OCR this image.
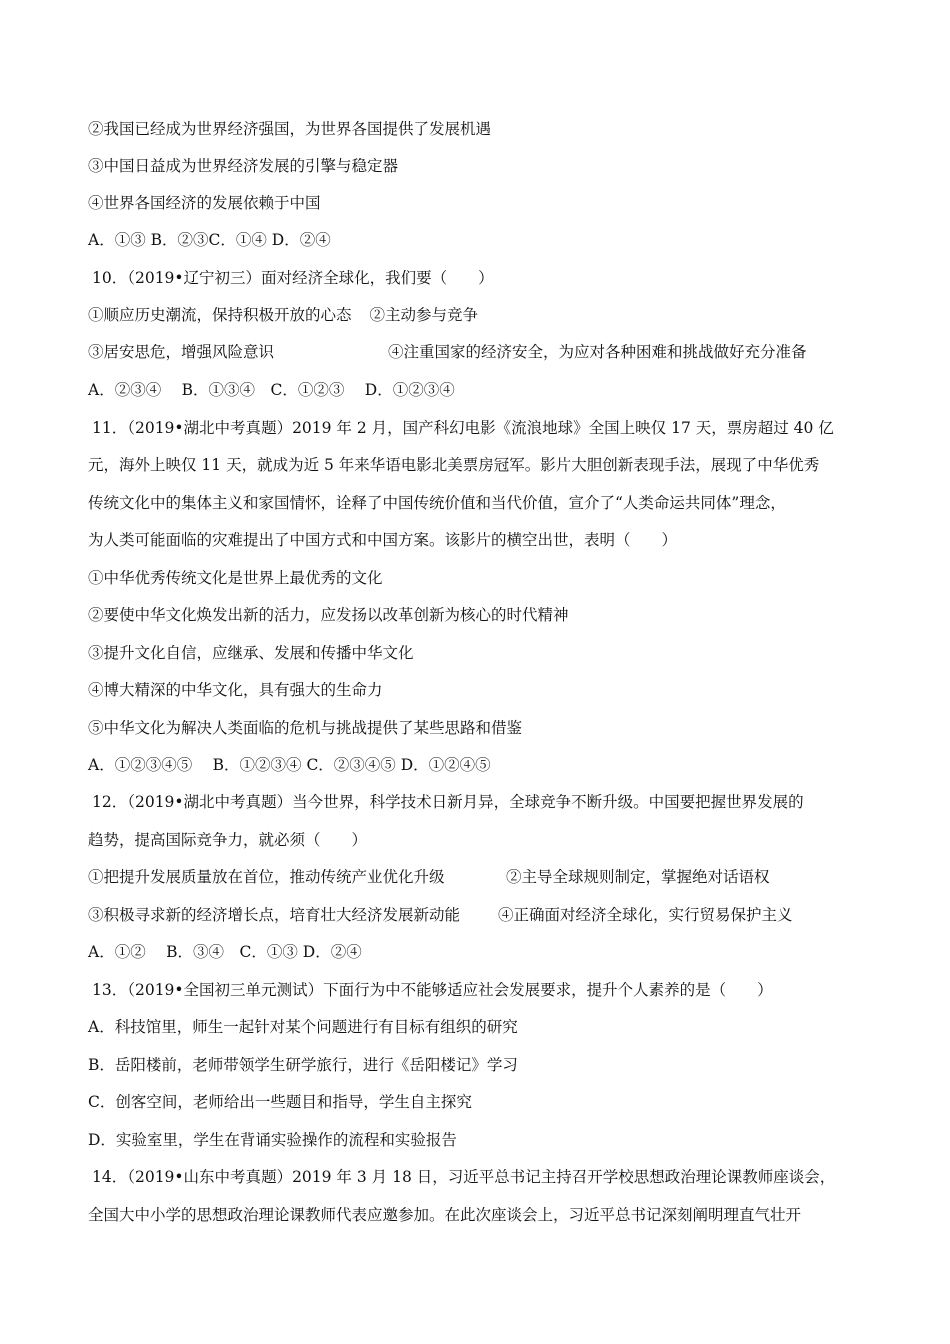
②我国已经成为世界经济强国，为世界各国提供了发展机遇
③中国日益成为世界经济发展的引擎与稳定器
④世界各国经济的发展依赖于中国
A．①③ B．②③C．①④ D．②④
10．（2019•辽宁初三）面对经济全球化，我们要（　　）
①顺应历史潮流，保持积极开放的心态 ②主动参与竞争
③居安思危，增强风险意识	④注重国家的经济安全，为应对各种困难和挑战做好充分准备
A．②③④　 B．①③④　C．①②③　 D．①②③④
11．（2019•湖北中考真题）2019 年 2 月，国产科幻电影《流浪地球》全国上映仅 17 天，票房超过 40 亿
元，海外上映仅 11 天，就成为近 5 年来华语电影北美票房冠军。影片大胆创新表现手法，展现了中华优秀
传统文化中的集体主义和家国情怀，诠释了中国传统价值和当代价值，宣介了“人类命运共同体”理念，
为人类可能面临的灾难提出了中国方式和中国方案。该影片的横空出世，表明（　　）
①中华优秀传统文化是世界上最优秀的文化
②要使中华文化焕发出新的活力，应发扬以改革创新为核心的时代精神
③提升文化自信，应继承、发展和传播中华文化
④博大精深的中华文化，具有强大的生命力
⑤中华文化为解决人类面临的危机与挑战提供了某些思路和借鉴
A．①②③④⑤　 B．①②③④ C．②③④⑤ D．①②④⑤
12．（2019•湖北中考真题）当今世界，科学技术日新月异，全球竞争不断升级。中国要把握世界发展的
趋势，提高国际竞争力，就必须（　　）
①把提升发展质量放在首位，推动传统产业优化升级	②主导全球规则制定，掌握绝对话语权
③积极寻求新的经济增长点，培育壮大经济发展新动能 ④正确面对经济全球化，实行贸易保护主义
A．①②　 B．③④　C．①③ D．②④
13．（2019•全国初三单元测试）下面行为中不能够适应社会发展要求，提升个人素养的是（　　）
A．科技馆里，师生一起针对某个问题进行有目标有组织的研究
B．岳阳楼前，老师带领学生研学旅行，进行《岳阳楼记》学习
C．创客空间，老师给出一些题目和指导，学生自主探究
D．实验室里，学生在背诵实验操作的流程和实验报告
14．（2019•山东中考真题）2019 年 3 月 18 日，习近平总书记主持召开学校思想政治理论课教师座谈会，
全国大中小学的思想政治理论课教师代表应邀参加。在此次座谈会上，习近平总书记深刻阐明理直气壮开
